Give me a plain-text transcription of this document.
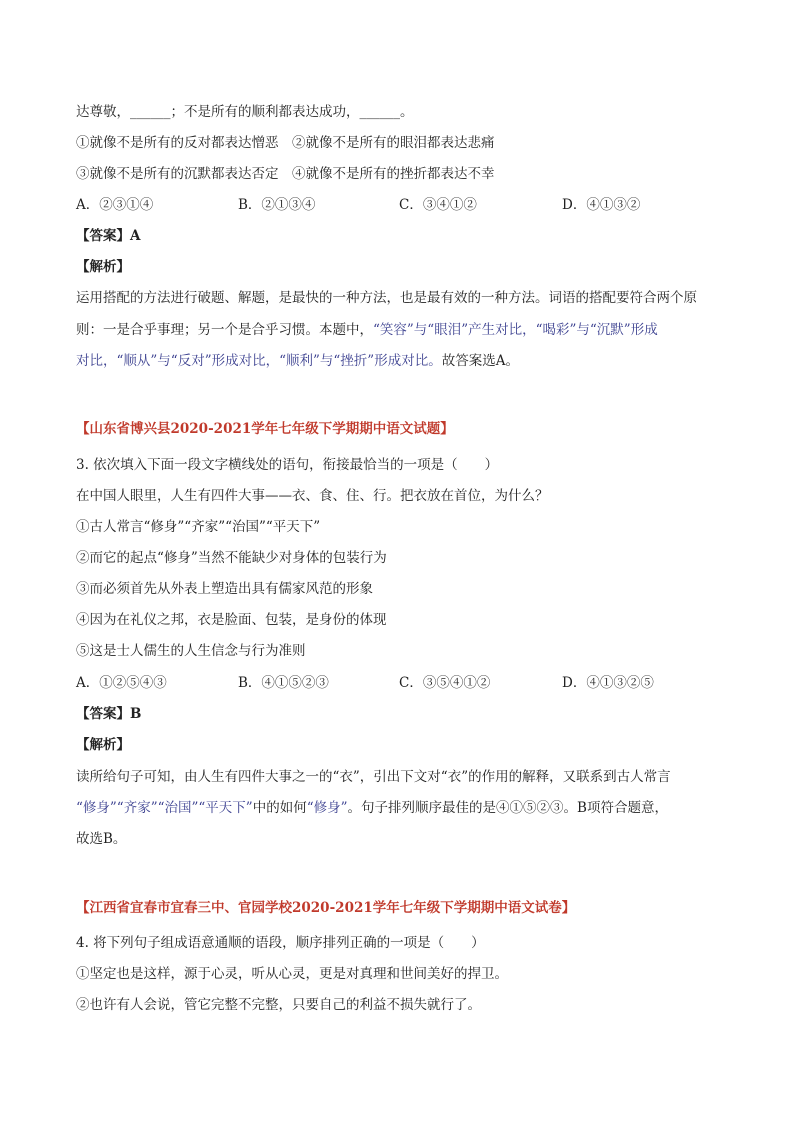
达尊敬，______；不是所有的顺利都表达成功，______。
①就像不是所有的反对都表达憎恶　②就像不是所有的眼泪都表达悲痛
③就像不是所有的沉默都表达否定　④就像不是所有的挫折都表达不幸
A．②③①④	B．②①③④	C．③④①②	D．④①③②
【答案】A
【解析】
运用搭配的方法进行破题、解题，是最快的一种方法，也是最有效的一种方法。词语的搭配要符合两个原
则：一是合乎事理；另一个是合乎习惯。本题中，“笑容”与“眼泪”产生对比，“喝彩”与“沉默”形成
对比，“顺从”与“反对”形成对比，“顺利”与“挫折”形成对比。故答案选A。
【山东省博兴县2020-2021学年七年级下学期期中语文试题】
3. 依次填入下面一段文字横线处的语句，衔接最恰当的一项是（　　）
在中国人眼里，人生有四件大事——衣、食、住、行。把衣放在首位，为什么？
①古人常言“修身”“齐家”“治国”“平天下”
②而它的起点“修身”当然不能缺少对身体的包装行为
③而必须首先从外表上塑造出具有儒家风范的形象
④因为在礼仪之邦，衣是脸面、包装，是身份的体现
⑤这是士人儒生的人生信念与行为准则
A．①②⑤④③	B．④①⑤②③	C．③⑤④①②	D．④①③②⑤
【答案】B
【解析】
读所给句子可知，由人生有四件大事之一的“衣”，引出下文对“衣”的作用的解释，又联系到古人常言
“修身”“齐家”“治国”“平天下”中的如何“修身”。句子排列顺序最佳的是④①⑤②③。B项符合题意，
故选B。
【江西省宜春市宜春三中、官园学校2020-2021学年七年级下学期期中语文试卷】
4. 将下列句子组成语意通顺的语段，顺序排列正确的一项是（　　）
①坚定也是这样，源于心灵，听从心灵，更是对真理和世间美好的捍卫。
②也许有人会说，管它完整不完整，只要自己的利益不损失就行了。
